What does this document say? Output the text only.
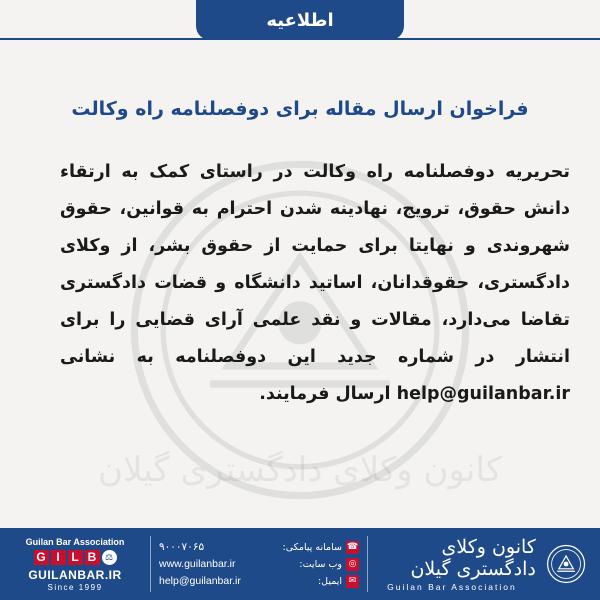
اطلاعیه
کانون وکلای دادگستری گیلان
فراخوان ارسال مقاله برای دوفصلنامه راه وکالت
تحریریه دوفصلنامه راه وکالت در راستای کمک به ارتقاء دانش حقوق، ترویج، نهادینه شدن احترام به قوانین، حقوق شهروندی و نهایتا برای حمایت از حقوق بشر، از وکلای دادگستری، حقوقدانان، اساتید دانشگاه و قضات دادگستری تقاضا می‌دارد، مقالات و نقد علمی آرای قضایی را برای انتشار در شماره جدید این دوفصلنامه به نشانی help@guilanbar.ir ارسال فرمایند.
Guilan Bar Association
G I L B ⚖
GUILANBAR.IR
Since 1999
۹۰۰۰۷۰۶۵	☎
سامانه پیامکی:
www.guilanbar.ir	◎
وب سایت:
help@guilanbar.ir	✉
ایمیل:
کانون وکلای دادگستری گیلان
Guilan Bar Association
